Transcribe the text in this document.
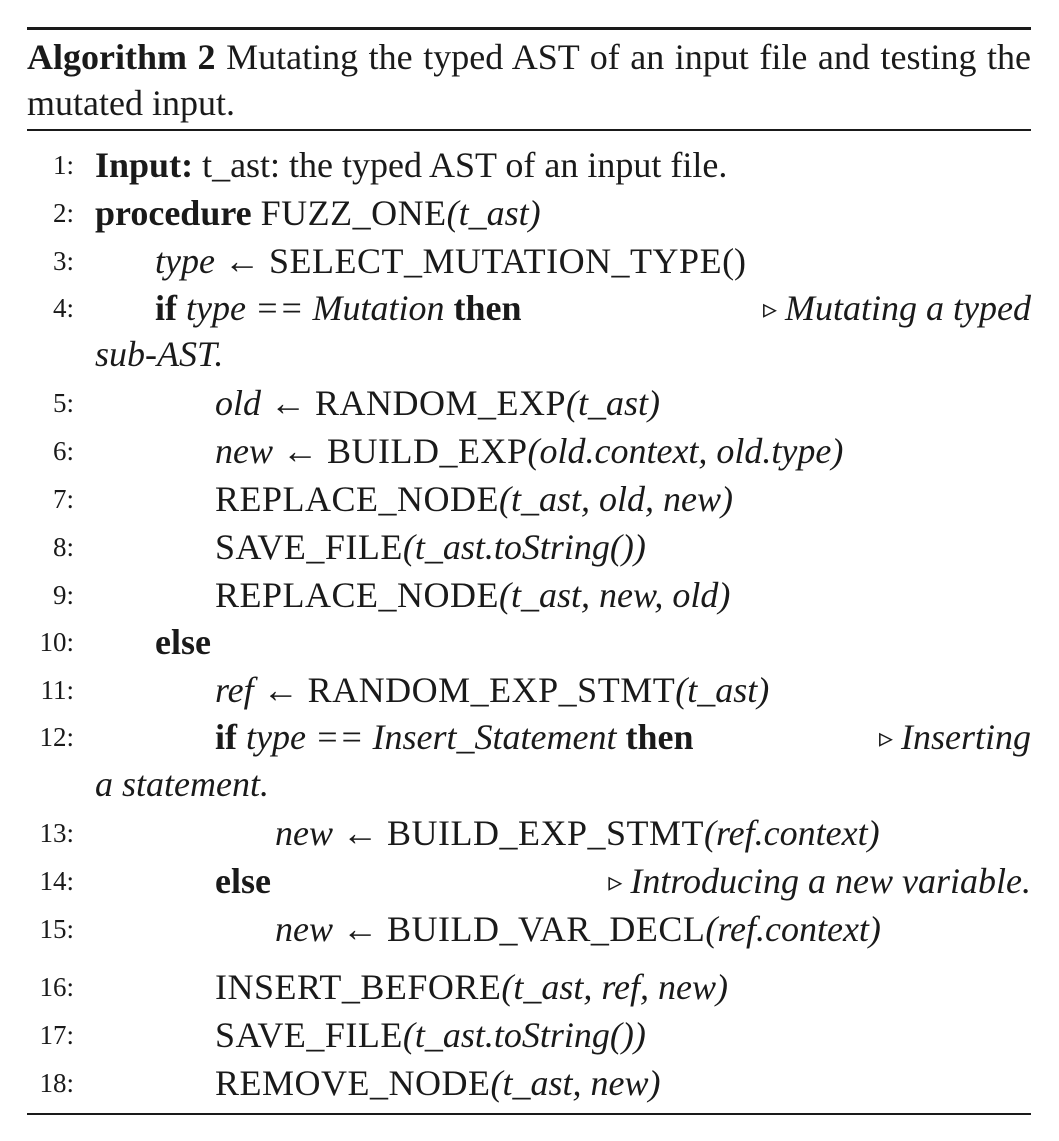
Algorithm 2 Mutating the typed AST of an input file and testing the mutated input.
1: Input: t_ast: the typed AST of an input file.
2: procedure FUZZ_ONE(t_ast)
3: type ← SELECT_MUTATION_TYPE()
4: if type == Mutation then	▹ Mutating a typed
sub-AST.
5:	old ← RANDOM_EXP(t_ast)
6:	new ← BUILD_EXP(old.context, old.type)
7:	REPLACE_NODE(t_ast, old, new)
8:	SAVE_FILE(t_ast.toString())
9:	REPLACE_NODE(t_ast, new, old)
10: else
11:	ref ← RANDOM_EXP_STMT(t_ast)
12:	if type == Insert_Statement then	▹ Inserting
a statement.
13:	new ← BUILD_EXP_STMT(ref.context)
14:	else	▹ Introducing a new variable.
15:	new ← BUILD_VAR_DECL(ref.context)
16:	INSERT_BEFORE(t_ast, ref, new)
17:	SAVE_FILE(t_ast.toString())
18:	REMOVE_NODE(t_ast, new)
